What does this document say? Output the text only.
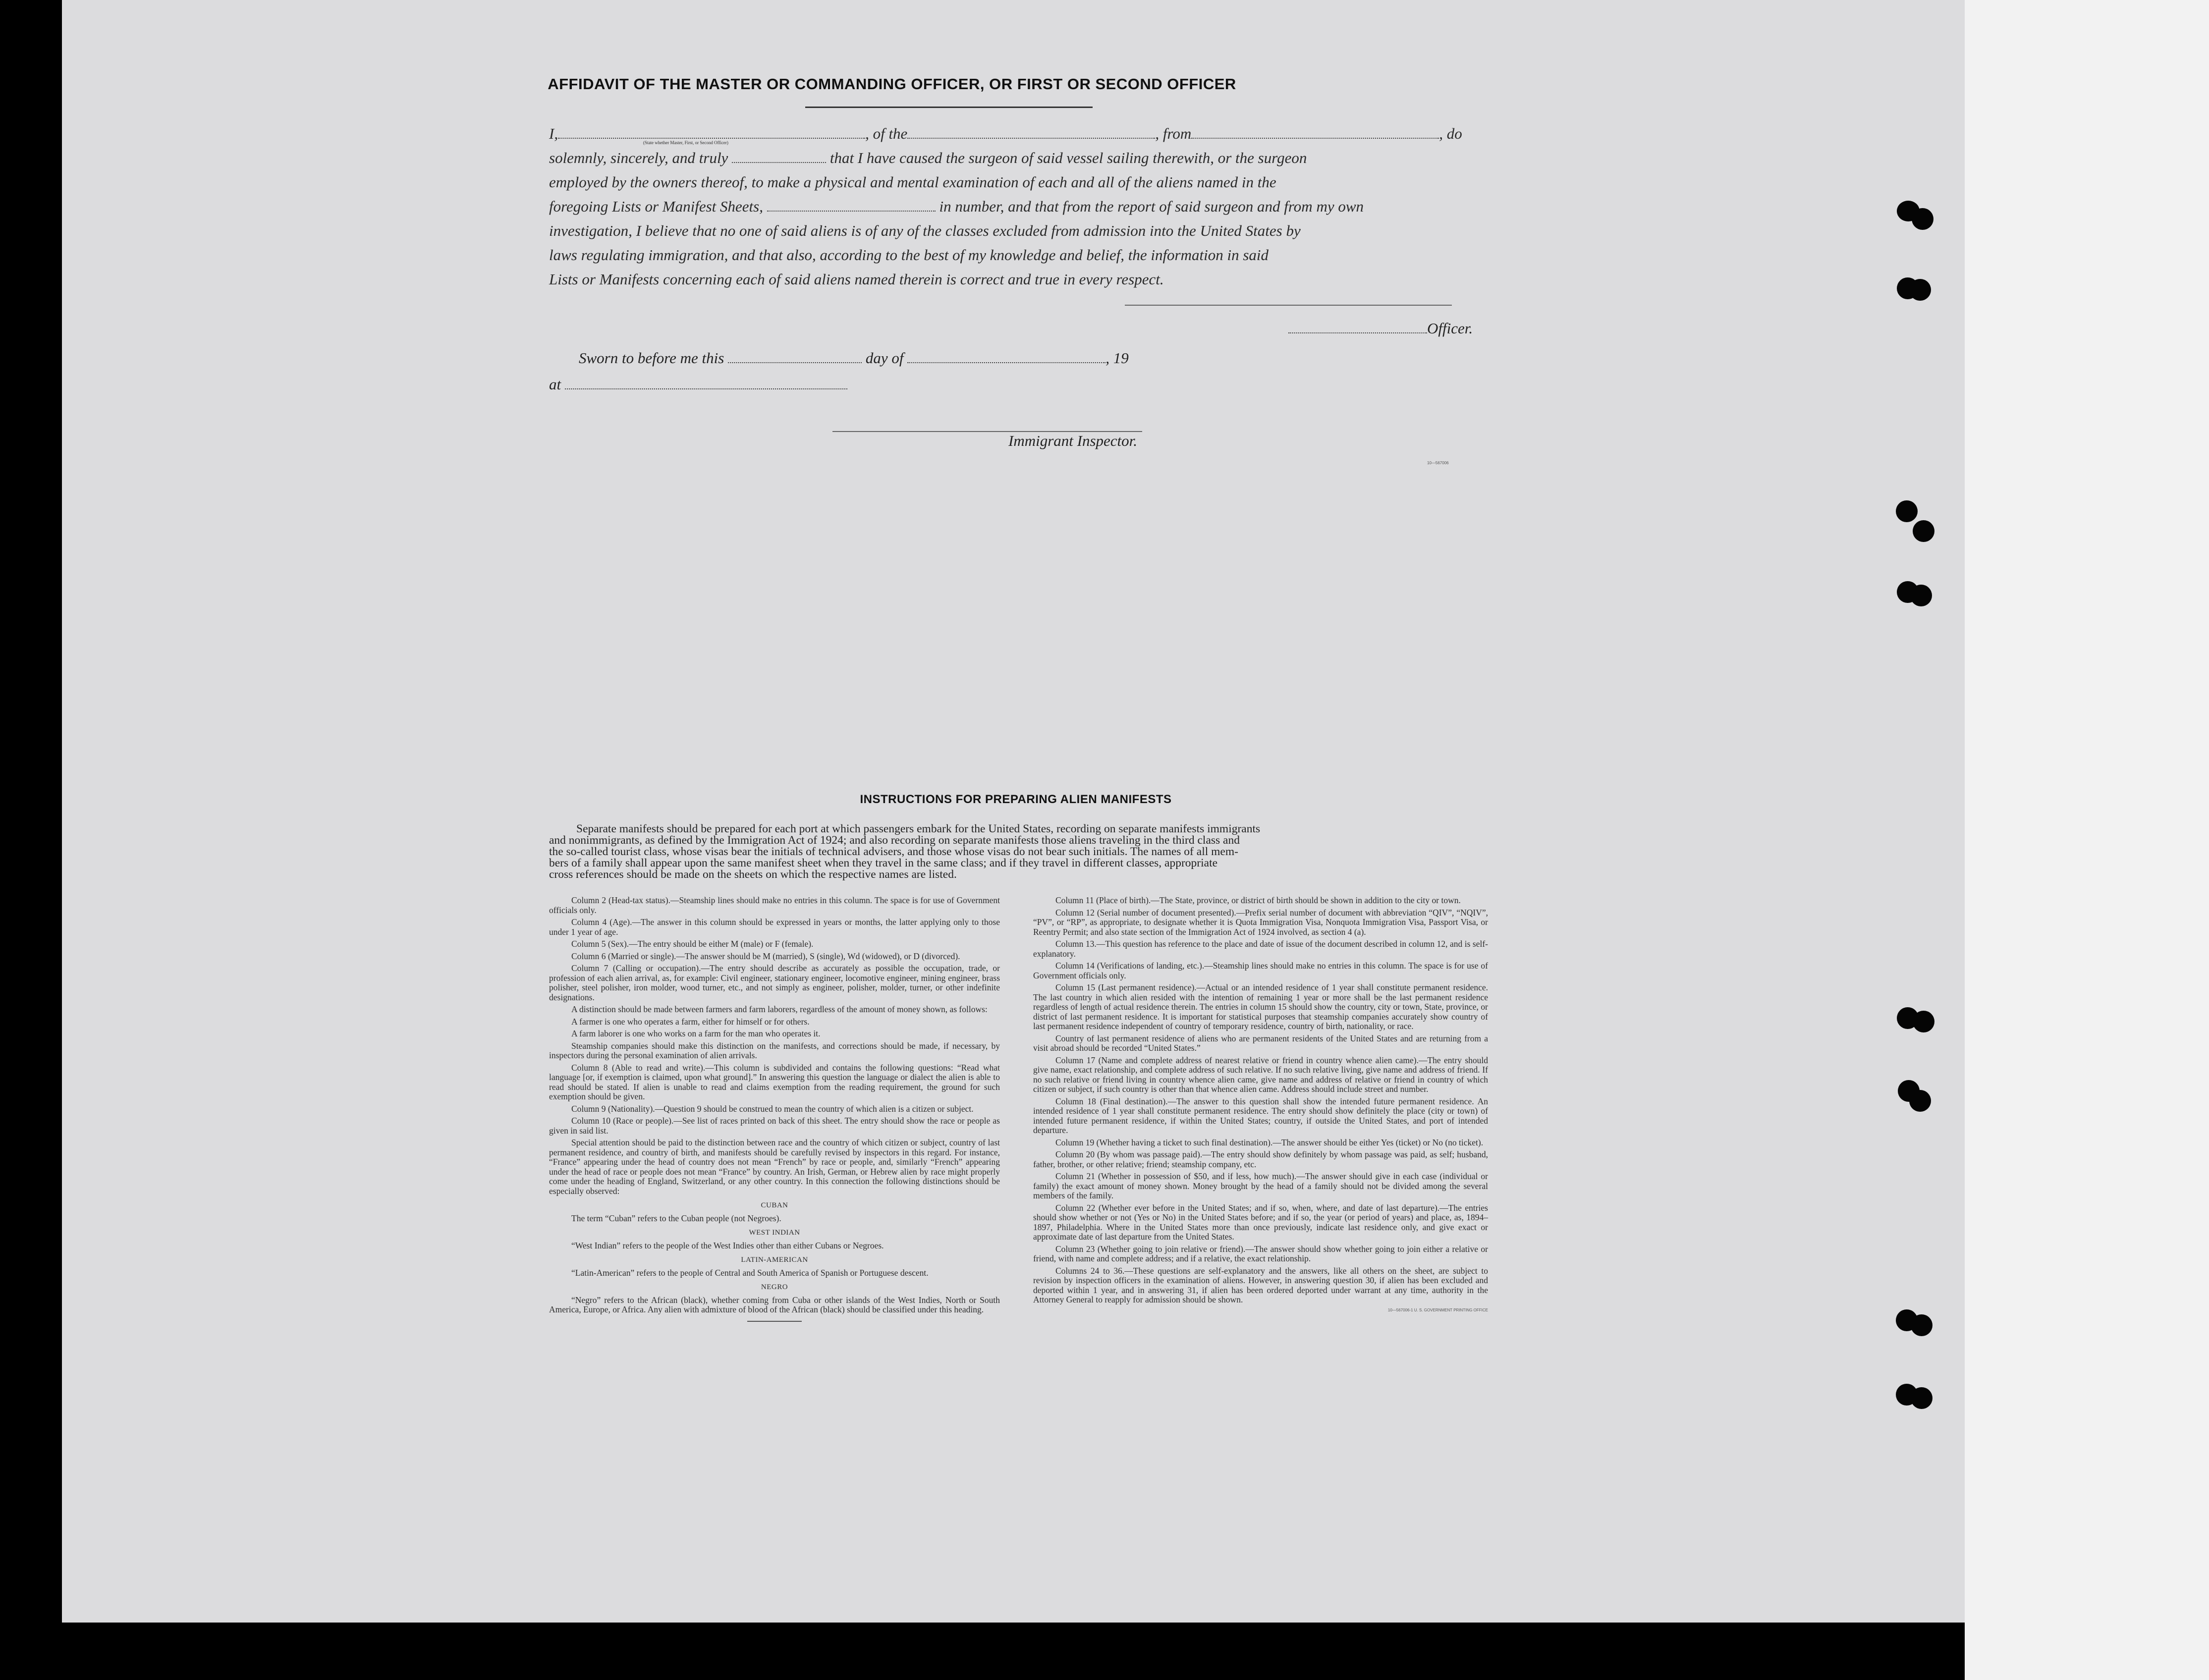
AFFIDAVIT OF THE MASTER OR COMMANDING OFFICER, OR FIRST OR SECOND OFFICER
I,	, of the	, from	, do
(State whether Master, First, or Second Officer)
solemnly, sincerely, and truly	that I have caused the surgeon of said vessel sailing therewith, or the surgeon
employed by the owners thereof, to make a physical and mental examination of each and all of the aliens named in the
foregoing Lists or Manifest Sheets,	in number, and that from the report of said surgeon and from my own
investigation, I believe that no one of said aliens is of any of the classes excluded from admission into the United States by
laws regulating immigration, and that also, according to the best of my knowledge and belief, the information in said
Lists or Manifests concerning each of said aliens named therein is correct and true in every respect.
Officer.
Sworn to before me this	day of	, 19
at
Immigrant Inspector.
10—567006
INSTRUCTIONS FOR PREPARING ALIEN MANIFESTS
Separate manifests should be prepared for each port at which passengers embark for the United States, recording on separate manifests immigrants
and nonimmigrants, as defined by the Immigration Act of 1924; and also recording on separate manifests those aliens traveling in the third class and
the so-called tourist class, whose visas bear the initials of technical advisers, and those whose visas do not bear such initials. The names of all mem-
bers of a family shall appear upon the same manifest sheet when they travel in the same class; and if they travel in different classes, appropriate
cross references should be made on the sheets on which the respective names are listed.

Column 2 (Head-tax status).—Steamship lines should make no entries in this column. The space is for use of Government officials only.

Column 4 (Age).—The answer in this column should be expressed in years or months, the latter applying only to those under 1 year of age.

Column 5 (Sex).—The entry should be either M (male) or F (female).

Column 6 (Married or single).—The answer should be M (married), S (single), Wd (widowed), or D (divorced).

Column 7 (Calling or occupation).—The entry should describe as accurately as possible the occupation, trade, or profession of each alien arrival, as, for example: Civil engineer, stationary engineer, locomotive engineer, mining engineer, brass polisher, steel polisher, iron molder, wood turner, etc., and not simply as engineer, polisher, molder, turner, or other indefinite designations.

A distinction should be made between farmers and farm laborers, regardless of the amount of money shown, as follows:

A farmer is one who operates a farm, either for himself or for others.

A farm laborer is one who works on a farm for the man who operates it.

Steamship companies should make this distinction on the manifests, and corrections should be made, if necessary, by inspectors during the personal examination of alien arrivals.

Column 8 (Able to read and write).—This column is subdivided and contains the following questions: “Read what language [or, if exemption is claimed, upon what ground].” In answering this question the language or dialect the alien is able to read should be stated. If alien is unable to read and claims exemption from the reading requirement, the ground for such exemption should be given.

Column 9 (Nationality).—Question 9 should be construed to mean the country of which alien is a citizen or subject.

Column 10 (Race or people).—See list of races printed on back of this sheet. The entry should show the race or people as given in said list.

Special attention should be paid to the distinction between race and the country of which citizen or subject, country of last permanent residence, and country of birth, and manifests should be carefully revised by inspectors in this regard. For instance, “France” appearing under the head of country does not mean “French” by race or people, and, similarly “French” appearing under the head of race or people does not mean “France” by country. An Irish, German, or Hebrew alien by race might properly come under the heading of England, Switzerland, or any other country. In this connection the following distinctions should be especially observed:

CUBAN

The term “Cuban” refers to the Cuban people (not Negroes).

WEST INDIAN

“West Indian” refers to the people of the West Indies other than either Cubans or Negroes.

LATIN-AMERICAN

“Latin-American” refers to the people of Central and South America of Spanish or Portuguese descent.

NEGRO

“Negro” refers to the African (black), whether coming from Cuba or other islands of the West Indies, North or South America, Europe, or Africa. Any alien with admixture of blood of the African (black) should be classified under this heading.

Column 11 (Place of birth).—The State, province, or district of birth should be shown in addition to the city or town.

Column 12 (Serial number of document presented).—Prefix serial number of document with abbreviation “QIV”, “NQIV”, “PV”, or “RP”, as appropriate, to designate whether it is Quota Immigration Visa, Nonquota Immigration Visa, Passport Visa, or Reentry Permit; and also state section of the Immigration Act of 1924 involved, as section 4 (a).

Column 13.—This question has reference to the place and date of issue of the document described in column 12, and is self-explanatory.

Column 14 (Verifications of landing, etc.).—Steamship lines should make no entries in this column. The space is for use of Government officials only.

Column 15 (Last permanent residence).—Actual or an intended residence of 1 year shall constitute permanent residence. The last country in which alien resided with the intention of remaining 1 year or more shall be the last permanent residence regardless of length of actual residence therein. The entries in column 15 should show the country, city or town, State, province, or district of last permanent residence. It is important for statistical purposes that steamship companies accurately show country of last permanent residence independent of country of temporary residence, country of birth, nationality, or race.

Country of last permanent residence of aliens who are permanent residents of the United States and are returning from a visit abroad should be recorded “United States.”

Column 17 (Name and complete address of nearest relative or friend in country whence alien came).—The entry should give name, exact relationship, and complete address of such relative. If no such relative living, give name and address of friend. If no such relative or friend living in country whence alien came, give name and address of relative or friend in country of which citizen or subject, if such country is other than that whence alien came. Address should include street and number.

Column 18 (Final destination).—The answer to this question shall show the intended future permanent residence. An intended residence of 1 year shall constitute permanent residence. The entry should show definitely the place (city or town) of intended future permanent residence, if within the United States; country, if outside the United States, and port of intended departure.

Column 19 (Whether having a ticket to such final destination).—The answer should be either Yes (ticket) or No (no ticket).

Column 20 (By whom was passage paid).—The entry should show definitely by whom passage was paid, as self; husband, father, brother, or other relative; friend; steamship company, etc.

Column 21 (Whether in possession of $50, and if less, how much).—The answer should give in each case (individual or family) the exact amount of money shown. Money brought by the head of a family should not be divided among the several members of the family.

Column 22 (Whether ever before in the United States; and if so, when, where, and date of last departure).—The entries should show whether or not (Yes or No) in the United States before; and if so, the year (or period of years) and place, as, 1894–1897, Philadelphia. Where in the United States more than once previously, indicate last residence only, and give exact or approximate date of last departure from the United States.

Column 23 (Whether going to join relative or friend).—The answer should show whether going to join either a relative or friend, with name and complete address; and if a relative, the exact relationship.

Columns 24 to 36.—These questions are self-explanatory and the answers, like all others on the sheet, are subject to revision by inspection officers in the examination of aliens. However, in answering question 30, if alien has been excluded and deported within 1 year, and in answering 31, if alien has been ordered deported under warrant at any time, authority in the Attorney General to reapply for admission should be shown.

10—567006-1 U. S. GOVERNMENT PRINTING OFFICE
